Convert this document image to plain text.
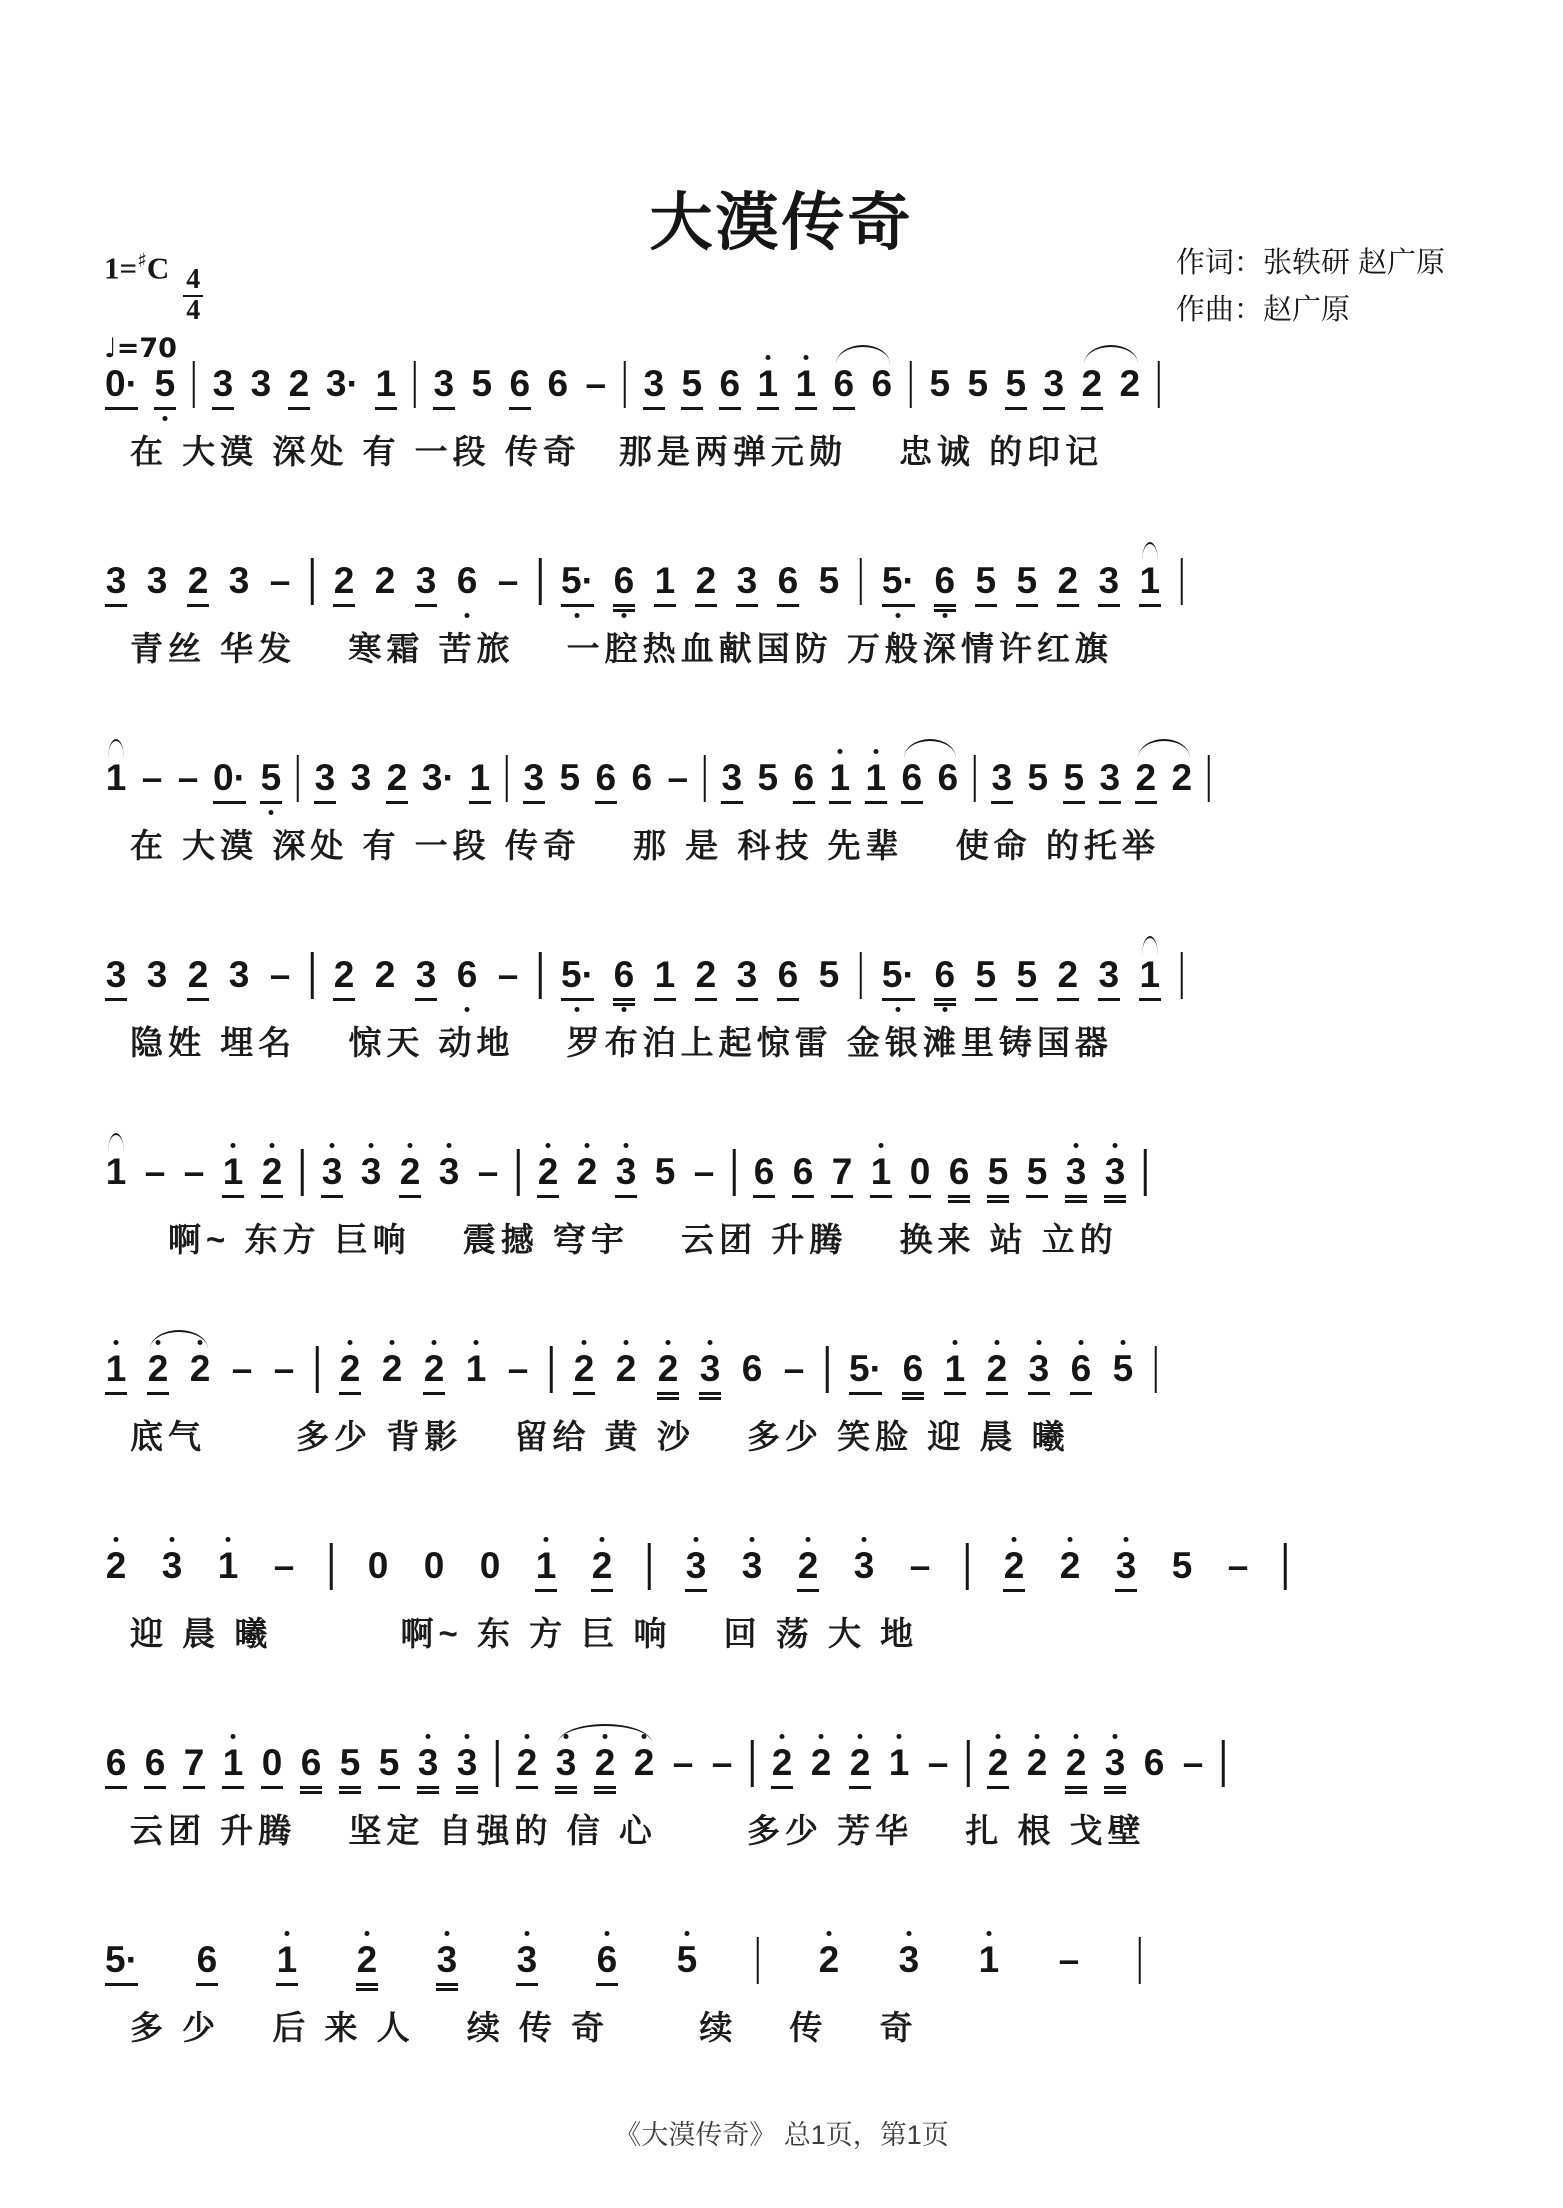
大漠传奇
$1=^♯C \frac{4}{4}$
♩=70
作词：张轶研 赵广原
作曲：赵广原
0· 5 3 3 2 3· 1 3 5 6 6 – 3 5 6 1 1 6 6 5 5 5 3 2 2
在 大漠 深处 有 一段 传奇　那是两弹元勋　 忠诚 的印记
3 3 2 3 – 2 2 3 6 – 5· 6 1 2 3 6 5 5· 6 5 5 2 3 1
青丝 华发　 寒霜 苦旅　 一腔热血献国防 万般深情许红旗
1 – – 0· 5 3 3 2 3· 1 3 5 6 6 – 3 5 6 1 1 6 6 3 5 5 3 2 2
在 大漠 深处 有 一段 传奇　 那 是 科技 先辈　 使命 的托举
3 3 2 3 – 2 2 3 6 – 5· 6 1 2 3 6 5 5· 6 5 5 2 3 1
隐姓 埋名　 惊天 动地　 罗布泊上起惊雷 金银滩里铸国器
1 – – 1 2 3 3 2 3 – 2 2 3 5 – 6 6 7 1 0 6 5 5 3 3
　啊~ 东方 巨响　 震撼 穹宇　 云团 升腾　 换来 站 立的
1 2 2 – – 2 2 2 1 – 2 2 2 3 6 – 5· 6 1 2 3 6 5
底气　　 多少 背影　 留给 黄 沙　 多少 笑脸 迎 晨 曦
2 3 1 – 0 0 0 1 2 3 3 2 3 – 2 2 3 5 –
迎 晨 曦　　　 啊~ 东 方 巨 响　 回 荡 大 地
6 6 7 1 0 6 5 5 3 3 2 3 2 2 – – 2 2 2 1 – 2 2 2 3 6 –
云团 升腾　 坚定 自强的 信 心　　 多少 芳华　 扎 根 戈壁
5· 6 1 2 3 3 6 5	2 3 1 –
多 少　 后 来 人　 续 传 奇　　 续　 传　 奇
《大漠传奇》 总1页，第1页
